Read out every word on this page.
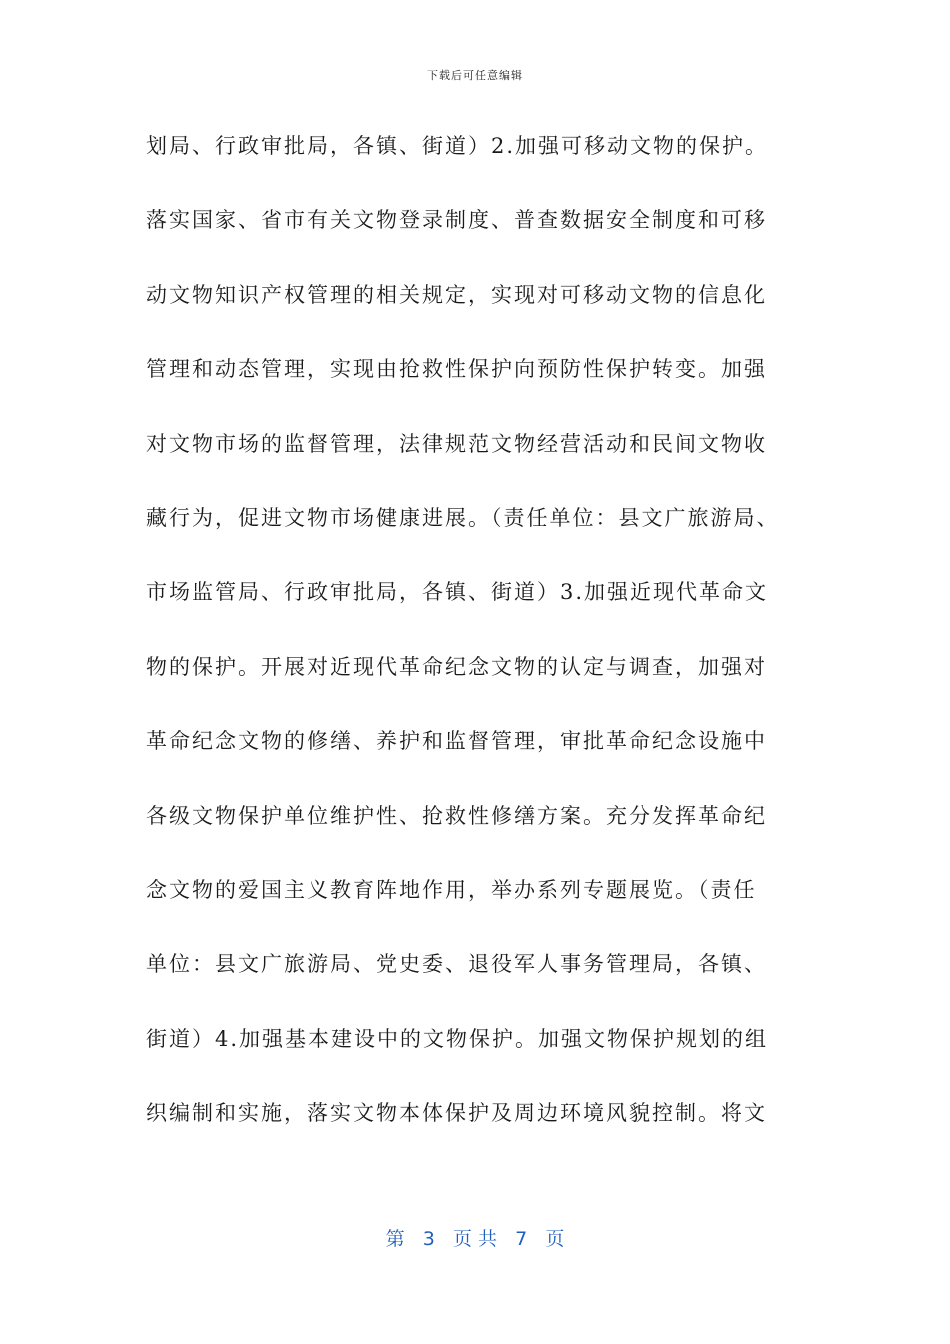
下载后可任意编辑
划局、行政审批局，各镇、街道）2.加强可移动文物的保护。
落实国家、省市有关文物登录制度、普查数据安全制度和可移
动文物知识产权管理的相关规定，实现对可移动文物的信息化
管理和动态管理，实现由抢救性保护向预防性保护转变。加强
对文物市场的监督管理，法律规范文物经营活动和民间文物收
藏行为，促进文物市场健康进展。（责任单位：县文广旅游局、
市场监管局、行政审批局，各镇、街道）3.加强近现代革命文
物的保护。开展对近现代革命纪念文物的认定与调查，加强对
革命纪念文物的修缮、养护和监督管理，审批革命纪念设施中
各级文物保护单位维护性、抢救性修缮方案。充分发挥革命纪
念文物的爱国主义教育阵地作用，举办系列专题展览。（责任
单位：县文广旅游局、党史委、退役军人事务管理局，各镇、
街道）4.加强基本建设中的文物保护。加强文物保护规划的组
织编制和实施，落实文物本体保护及周边环境风貌控制。将文
第 3 页 共 7 页
